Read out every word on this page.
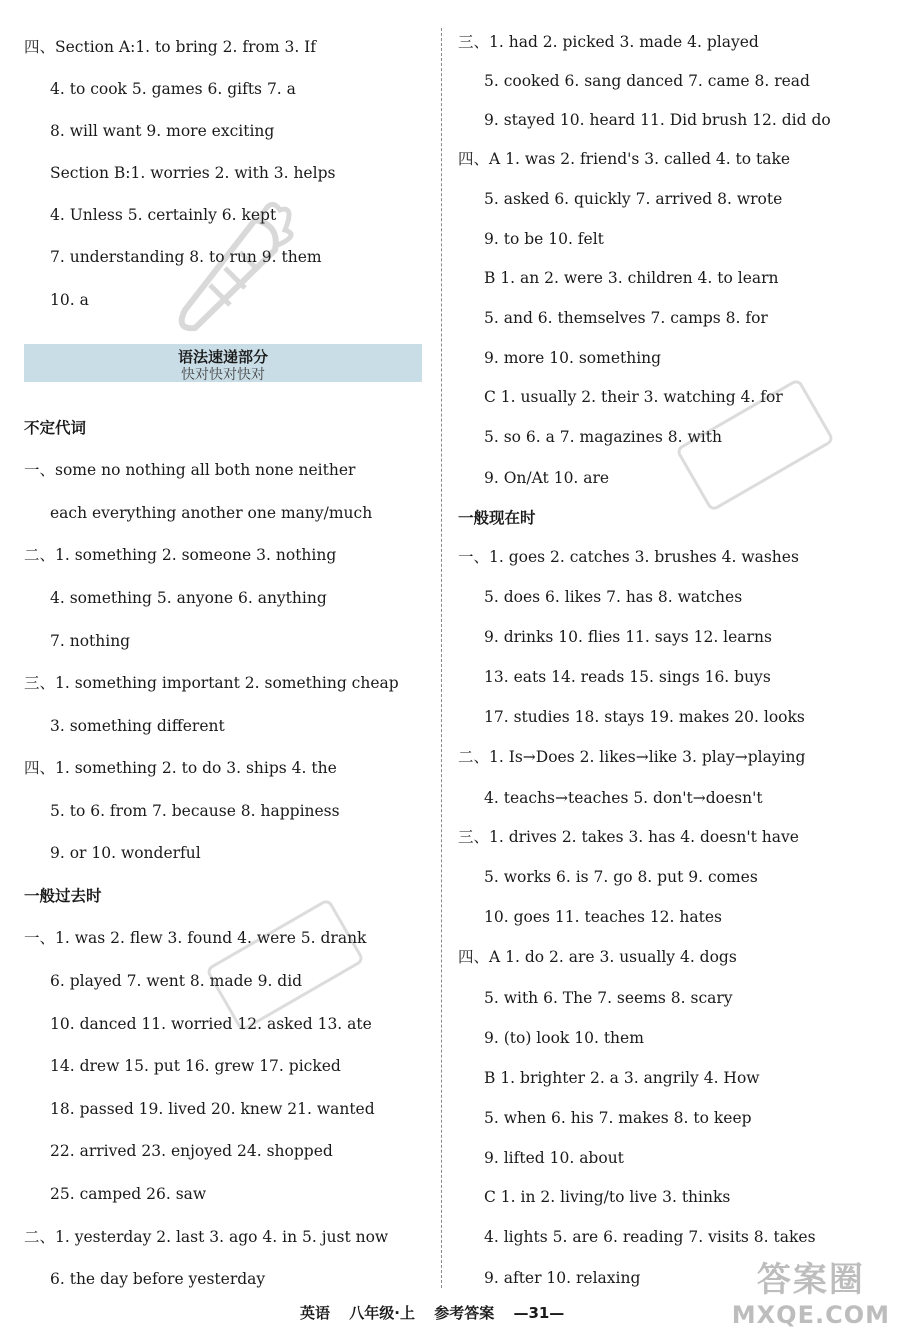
四、Section A:1. to bring 2. from 3. If
4. to cook 5. games 6. gifts 7. a
8. will want 9. more exciting
Section B:1. worries 2. with 3. helps
4. Unless 5. certainly 6. kept
7. understanding 8. to run 9. them
10. a
不定代词
一、some no nothing all both none neither
each everything another one many/much
二、1. something 2. someone 3. nothing
4. something 5. anyone 6. anything
7. nothing
三、1. something important 2. something cheap
3. something different
四、1. something 2. to do 3. ships 4. the
5. to 6. from 7. because 8. happiness
9. or 10. wonderful
一般过去时
一、1. was 2. flew 3. found 4. were 5. drank
6. played 7. went 8. made 9. did
10. danced 11. worried 12. asked 13. ate
14. drew 15. put 16. grew 17. picked
18. passed 19. lived 20. knew 21. wanted
22. arrived 23. enjoyed 24. shopped
25. camped 26. saw
二、1. yesterday 2. last 3. ago 4. in 5. just now
6. the day before yesterday
语法速递部分
快对快对快对
三、1. had 2. picked 3. made 4. played
5. cooked 6. sang danced 7. came 8. read
9. stayed 10. heard 11. Did brush 12. did do
四、A 1. was 2. friend's 3. called 4. to take
5. asked 6. quickly 7. arrived 8. wrote
9. to be 10. felt
B 1. an 2. were 3. children 4. to learn
5. and 6. themselves 7. camps 8. for
9. more 10. something
C 1. usually 2. their 3. watching 4. for
5. so 6. a 7. magazines 8. with
9. On/At 10. are
一般现在时
一、1. goes 2. catches 3. brushes 4. washes
5. does 6. likes 7. has 8. watches
9. drinks 10. flies 11. says 12. learns
13. eats 14. reads 15. sings 16. buys
17. studies 18. stays 19. makes 20. looks
二、1. Is→Does 2. likes→like 3. play→playing
4. teachs→teaches 5. don't→doesn't
三、1. drives 2. takes 3. has 4. doesn't have
5. works 6. is 7. go 8. put 9. comes
10. goes 11. teaches 12. hates
四、A 1. do 2. are 3. usually 4. dogs
5. with 6. The 7. seems 8. scary
9. (to) look 10. them
B 1. brighter 2. a 3. angrily 4. How
5. when 6. his 7. makes 8. to keep
9. lifted 10. about
C 1. in 2. living/to live 3. thinks
4. lights 5. are 6. reading 7. visits 8. takes
9. after 10. relaxing
英语 八年级·上 参考答案 —31—
答案圈
MXQE.COM
